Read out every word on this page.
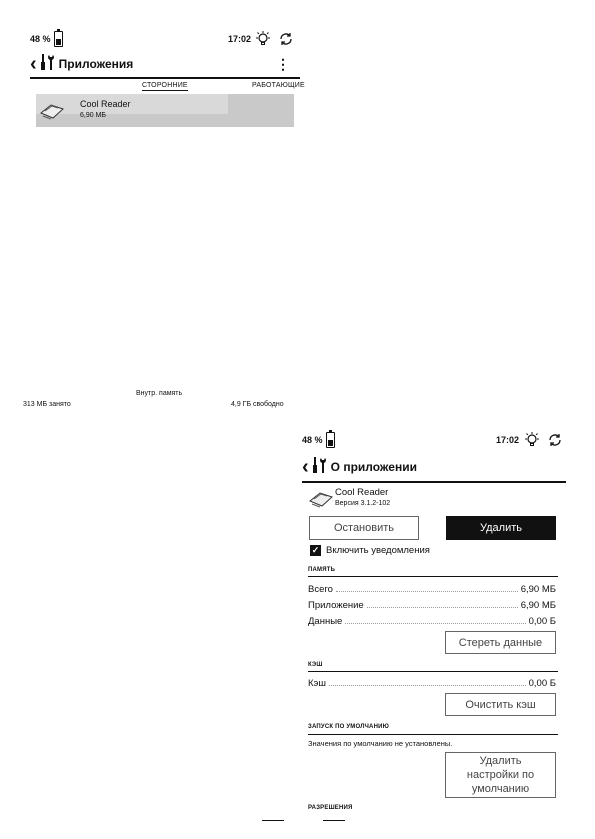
48 %	17:02
‹ Приложения	⋮
СТОРОННИЕ	РАБОТАЮЩИЕ
Cool Reader
6,90 МБ
Внутр. память
313 МБ занято	4,9 ГБ свободно
48 %	17:02
‹ О приложении
Cool Reader
Версия 3.1.2-102
Остановить	Удалить
✓ Включить уведомления
ПАМЯТЬ
Всего	6,90 МБ
Приложение	6,90 МБ
Данные	0,00 Б
Стереть данные
КЭШ
Кэш	0,00 Б
Очистить кэш
ЗАПУСК ПО УМОЛЧАНИЮ
Значения по умолчанию не установлены.
Удалить
настройки по
умолчанию
РАЗРЕШЕНИЯ
